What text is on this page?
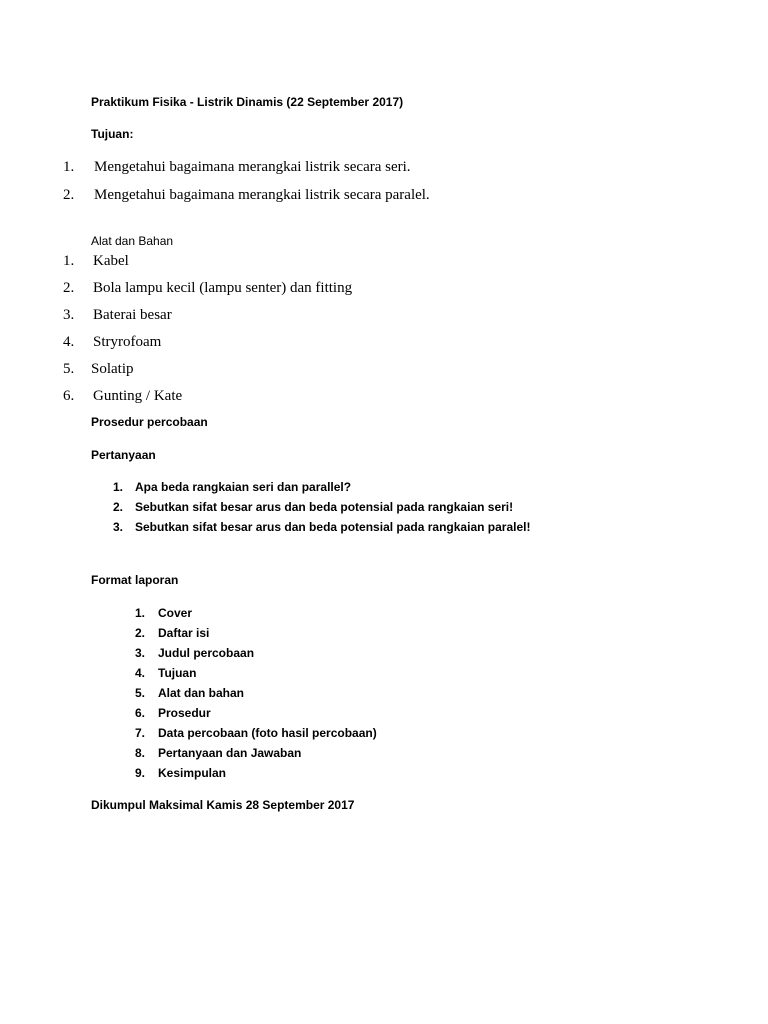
Praktikum Fisika - Listrik Dinamis (22 September 2017)
Tujuan:
1. Mengetahui bagaimana merangkai listrik secara seri.
2. Mengetahui bagaimana merangkai listrik secara paralel.
Alat dan Bahan
1. Kabel
2. Bola lampu kecil (lampu senter) dan fitting
3. Baterai besar
4. Stryrofoam
5. Solatip
6. Gunting / Kate
Prosedur percobaan
Pertanyaan
1. Apa beda rangkaian seri dan parallel?
2. Sebutkan sifat besar arus dan beda potensial pada rangkaian seri!
3. Sebutkan sifat besar arus dan beda potensial pada rangkaian paralel!
Format laporan
1. Cover
2. Daftar isi
3. Judul percobaan
4. Tujuan
5. Alat dan bahan
6. Prosedur
7. Data percobaan (foto hasil percobaan)
8. Pertanyaan dan Jawaban
9. Kesimpulan
Dikumpul Maksimal Kamis 28 September 2017
